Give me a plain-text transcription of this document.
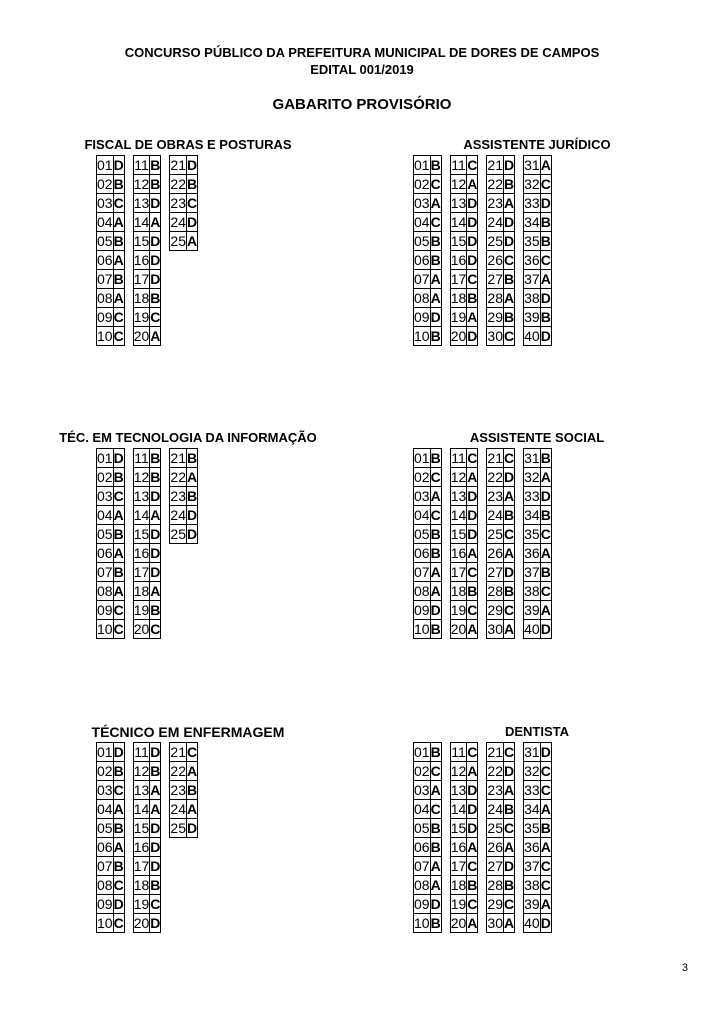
CONCURSO PÚBLICO DA PREFEITURA MUNICIPAL DE DORES DE CAMPOS
EDITAL 001/2019
GABARITO PROVISÓRIO
FISCAL DE OBRAS E POSTURAS
01	D
02	B
03	C
04	A
05	B
06	A
07	B
08	A
09	C
10	C
11	B
12	B
13	D
14	A
15	D
16	D
17	D
18	B
19	C
20	A
21	D
22	B
23	C
24	D
25	A
ASSISTENTE JURÍDICO
01	B
02	C
03	A
04	C
05	B
06	B
07	A
08	A
09	D
10	B
11	C
12	A
13	D
14	D
15	D
16	D
17	C
18	B
19	A
20	D
21	D
22	B
23	A
24	D
25	D
26	C
27	B
28	A
29	B
30	C
31	A
32	C
33	D
34	B
35	B
36	C
37	A
38	D
39	B
40	D
TÉC. EM TECNOLOGIA DA INFORMAÇÃO
01	D
02	B
03	C
04	A
05	B
06	A
07	B
08	A
09	C
10	C
11	B
12	B
13	D
14	A
15	D
16	D
17	D
18	A
19	B
20	C
21	B
22	A
23	B
24	D
25	D
ASSISTENTE SOCIAL
01	B
02	C
03	A
04	C
05	B
06	B
07	A
08	A
09	D
10	B
11	C
12	A
13	D
14	D
15	D
16	A
17	C
18	B
19	C
20	A
21	C
22	D
23	A
24	B
25	C
26	A
27	D
28	B
29	C
30	A
31	B
32	A
33	D
34	B
35	C
36	A
37	B
38	C
39	A
40	D
TÉCNICO EM ENFERMAGEM
01	D
02	B
03	C
04	A
05	B
06	A
07	B
08	C
09	D
10	C
11	D
12	B
13	A
14	A
15	D
16	D
17	D
18	B
19	C
20	D
21	C
22	A
23	B
24	A
25	D
DENTISTA
01	B
02	C
03	A
04	C
05	B
06	B
07	A
08	A
09	D
10	B
11	C
12	A
13	D
14	D
15	D
16	A
17	C
18	B
19	C
20	A
21	C
22	D
23	A
24	B
25	C
26	A
27	D
28	B
29	C
30	A
31	D
32	C
33	C
34	A
35	B
36	A
37	C
38	C
39	A
40	D
3
